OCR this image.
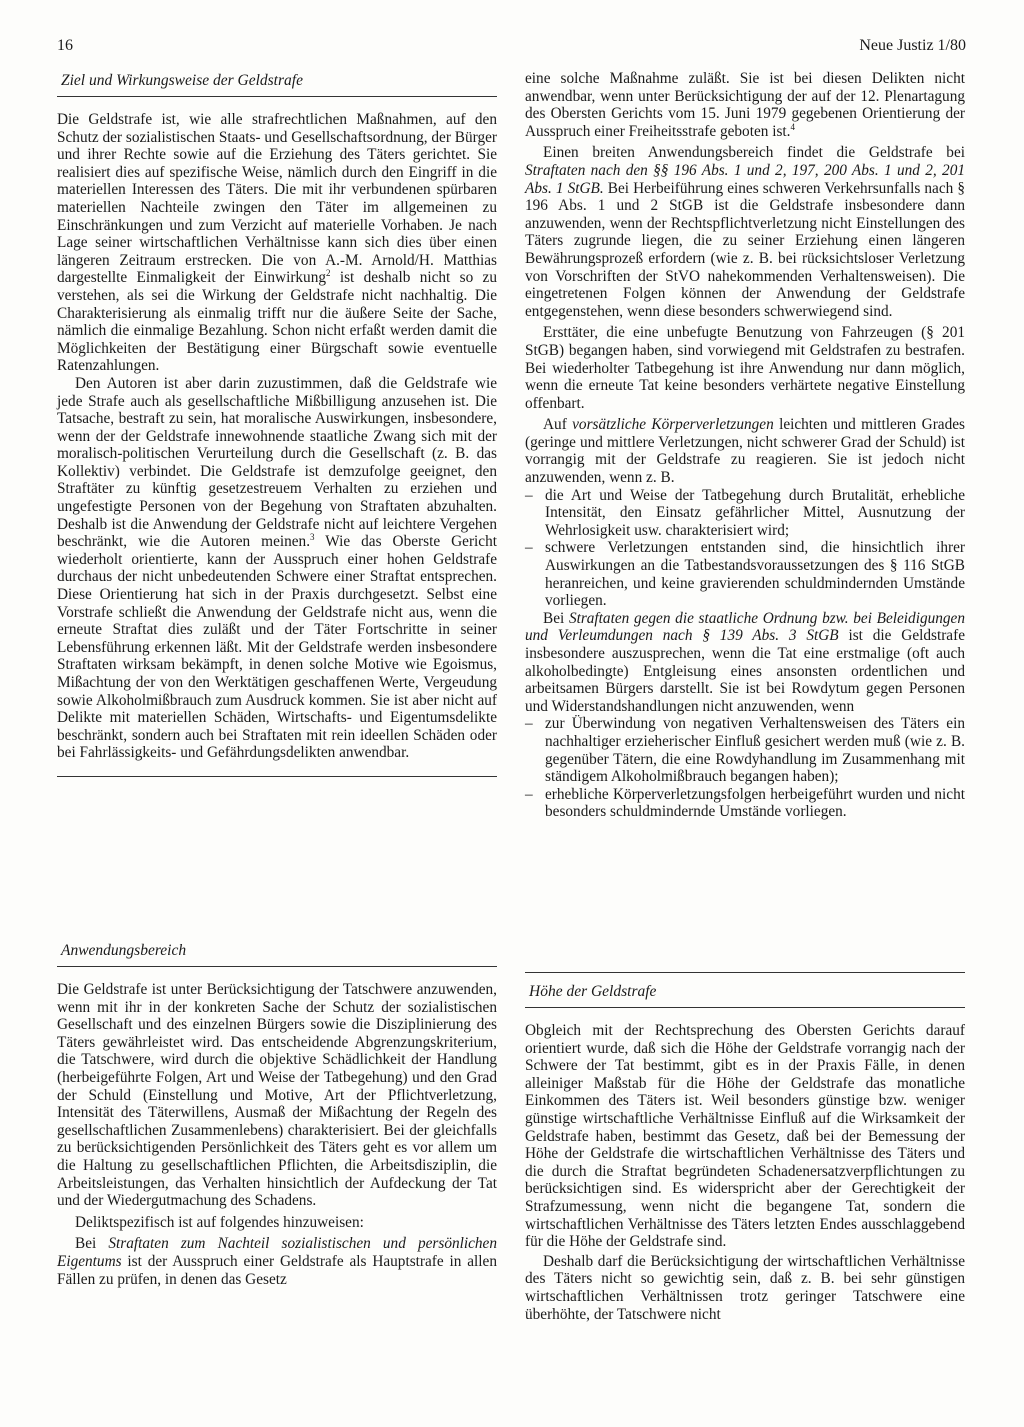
16	Neue Justiz 1/80
Ziel und Wirkungsweise der Geldstrafe

Die Geldstrafe ist, wie alle strafrechtlichen Maßnahmen, auf den Schutz der sozialistischen Staats- und Gesellschaftsordnung, der Bürger und ihrer Rechte sowie auf die Erziehung des Täters gerichtet. Sie realisiert dies auf spezifische Weise, nämlich durch den Eingriff in die materiellen Interessen des Täters. Die mit ihr verbundenen spürbaren materiellen Nachteile zwingen den Täter im allgemeinen zu Einschränkungen und zum Verzicht auf materielle Vorhaben. Je nach Lage seiner wirtschaftlichen Verhältnisse kann sich dies über einen längeren Zeitraum erstrecken. Die von A.-M. Arnold/H. Matthias dargestellte Einmaligkeit der Einwirkung$^2$ ist deshalb nicht so zu verstehen, als sei die Wirkung der Geldstrafe nicht nachhaltig. Die Charakterisierung als einmalig trifft nur die äußere Seite der Sache, nämlich die einmalige Bezahlung. Schon nicht erfaßt werden damit die Möglichkeiten der Bestätigung einer Bürgschaft sowie eventuelle Ratenzahlungen.

Den Autoren ist aber darin zuzustimmen, daß die Geldstrafe wie jede Strafe auch als gesellschaftliche Mißbilligung anzusehen ist. Die Tatsache, bestraft zu sein, hat moralische Auswirkungen, insbesondere, wenn der der Geldstrafe innewohnende staatliche Zwang sich mit der moralisch-politischen Verurteilung durch die Gesellschaft (z. B. das Kollektiv) verbindet. Die Geldstrafe ist demzufolge geeignet, den Straftäter zu künftig gesetzestreuem Verhalten zu erziehen und ungefestigte Personen von der Begehung von Straftaten abzuhalten. Deshalb ist die Anwendung der Geldstrafe nicht auf leichtere Vergehen beschränkt, wie die Autoren meinen.$^3$ Wie das Oberste Gericht wiederholt orientierte, kann der Ausspruch einer hohen Geldstrafe durchaus der nicht unbedeutenden Schwere einer Straftat entsprechen. Diese Orientierung hat sich in der Praxis durchgesetzt. Selbst eine Vorstrafe schließt die Anwendung der Geldstrafe nicht aus, wenn die erneute Straftat dies zuläßt und der Täter Fortschritte in seiner Lebensführung erkennen läßt. Mit der Geldstrafe werden insbesondere Straftaten wirksam bekämpft, in denen solche Motive wie Egoismus, Mißachtung der von den Werktätigen geschaffenen Werte, Vergeudung sowie Alkoholmißbrauch zum Ausdruck kommen. Sie ist aber nicht auf Delikte mit materiellen Schäden, Wirtschafts- und Eigentumsdelikte beschränkt, sondern auch bei Straftaten mit rein ideellen Schäden oder bei Fahrlässigkeits- und Gefährdungsdelikten anwendbar.

Anwendungsbereich

Die Geldstrafe ist unter Berücksichtigung der Tatschwere anzuwenden, wenn mit ihr in der konkreten Sache der Schutz der sozialistischen Gesellschaft und des einzelnen Bürgers sowie die Disziplinierung des Täters gewährleistet wird. Das entscheidende Abgrenzungskriterium, die Tatschwere, wird durch die objektive Schädlichkeit der Handlung (herbeigeführte Folgen, Art und Weise der Tatbegehung) und den Grad der Schuld (Einstellung und Motive, Art der Pflichtverletzung, Intensität des Täterwillens, Ausmaß der Mißachtung der Regeln des gesellschaftlichen Zusammenlebens) charakterisiert. Bei der gleichfalls zu berücksichtigenden Persönlichkeit des Täters geht es vor allem um die Haltung zu gesellschaftlichen Pflichten, die Arbeitsdisziplin, die Arbeitsleistungen, das Verhalten hinsichtlich der Aufdeckung der Tat und der Wiedergutmachung des Schadens.

Deliktspezifisch ist auf folgendes hinzuweisen:

Bei Straftaten zum Nachteil sozialistischen und persönlichen Eigentums ist der Ausspruch einer Geldstrafe als Hauptstrafe in allen Fällen zu prüfen, in denen das Gesetz

eine solche Maßnahme zuläßt. Sie ist bei diesen Delikten nicht anwendbar, wenn unter Berücksichtigung der auf der 12. Plenartagung des Obersten Gerichts vom 15. Juni 1979 gegebenen Orientierung der Ausspruch einer Freiheitsstrafe geboten ist.$^4$

Einen breiten Anwendungsbereich findet die Geldstrafe bei Straftaten nach den §§ 196 Abs. 1 und 2, 197, 200 Abs. 1 und 2, 201 Abs. 1 StGB. Bei Herbeiführung eines schweren Verkehrsunfalls nach § 196 Abs. 1 und 2 StGB ist die Geldstrafe insbesondere dann anzuwenden, wenn der Rechtspflichtverletzung nicht Einstellungen des Täters zugrunde liegen, die zu seiner Erziehung einen längeren Bewährungsprozeß erfordern (wie z. B. bei rücksichtsloser Verletzung von Vorschriften der StVO nahekommenden Verhaltensweisen). Die eingetretenen Folgen können der Anwendung der Geldstrafe entgegenstehen, wenn diese besonders schwerwiegend sind.

Ersttäter, die eine unbefugte Benutzung von Fahrzeugen (§ 201 StGB) begangen haben, sind vorwiegend mit Geldstrafen zu bestrafen. Bei wiederholter Tatbegehung ist ihre Anwendung nur dann möglich, wenn die erneute Tat keine besonders verhärtete negative Einstellung offenbart.

Auf vorsätzliche Körperverletzungen leichten und mittleren Grades (geringe und mittlere Verletzungen, nicht schwerer Grad der Schuld) ist vorrangig mit der Geldstrafe zu reagieren. Sie ist jedoch nicht anzuwenden, wenn z. B.

– die Art und Weise der Tatbegehung durch Brutalität, erhebliche Intensität, den Einsatz gefährlicher Mittel, Ausnutzung der Wehrlosigkeit usw. charakterisiert wird;
– schwere Verletzungen entstanden sind, die hinsichtlich ihrer Auswirkungen an die Tatbestandsvoraussetzungen des § 116 StGB heranreichen, und keine gravierenden schuldmindernden Umstände vorliegen.

Bei Straftaten gegen die staatliche Ordnung bzw. bei Beleidigungen und Verleumdungen nach § 139 Abs. 3 StGB ist die Geldstrafe insbesondere auszusprechen, wenn die Tat eine erstmalige (oft auch alkoholbedingte) Entgleisung eines ansonsten ordentlichen und arbeitsamen Bürgers darstellt. Sie ist bei Rowdytum gegen Personen und Widerstandshandlungen nicht anzuwenden, wenn

– zur Überwindung von negativen Verhaltensweisen des Täters ein nachhaltiger erzieherischer Einfluß gesichert werden muß (wie z. B. gegenüber Tätern, die eine Rowdyhandlung im Zusammenhang mit ständigem Alkoholmißbrauch begangen haben);
– erhebliche Körperverletzungsfolgen herbeigeführt wurden und nicht besonders schuldmindernde Umstände vorliegen.
Höhe der Geldstrafe

Obgleich mit der Rechtsprechung des Obersten Gerichts darauf orientiert wurde, daß sich die Höhe der Geldstrafe vorrangig nach der Schwere der Tat bestimmt, gibt es in der Praxis Fälle, in denen alleiniger Maßstab für die Höhe der Geldstrafe das monatliche Einkommen des Täters ist. Weil besonders günstige bzw. weniger günstige wirtschaftliche Verhältnisse Einfluß auf die Wirksamkeit der Geldstrafe haben, bestimmt das Gesetz, daß bei der Bemessung der Höhe der Geldstrafe die wirtschaftlichen Verhältnisse des Täters und die durch die Straftat begründeten Schadenersatzverpflichtungen zu berücksichtigen sind. Es widerspricht aber der Gerechtigkeit der Strafzumessung, wenn nicht die begangene Tat, sondern die wirtschaftlichen Verhältnisse des Täters letzten Endes ausschlaggebend für die Höhe der Geldstrafe sind.

Deshalb darf die Berücksichtigung der wirtschaftlichen Verhältnisse des Täters nicht so gewichtig sein, daß z. B. bei sehr günstigen wirtschaftlichen Verhältnissen trotz geringer Tatschwere eine überhöhte, der Tatschwere nicht
